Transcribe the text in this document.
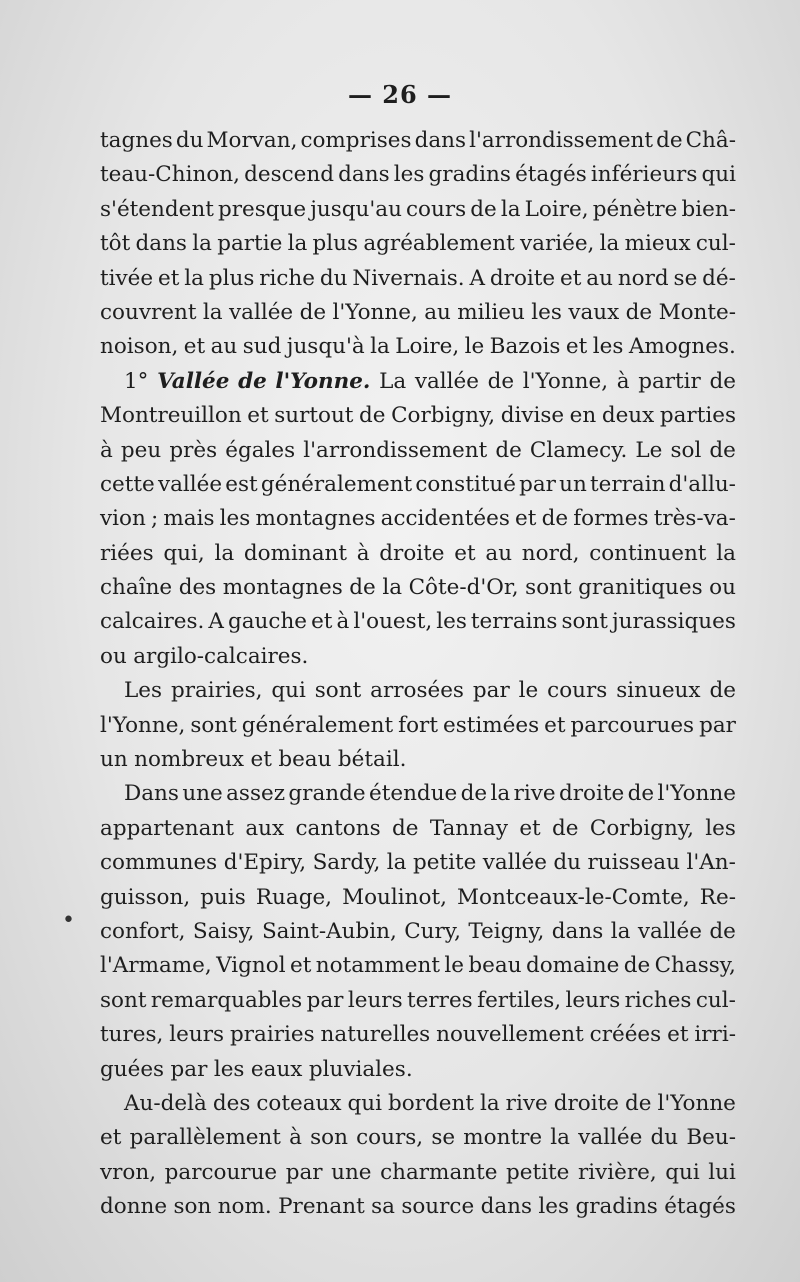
— 26 —
•
tagnes du Morvan, comprises dans l'arrondissement de Châ-
teau-Chinon, descend dans les gradins étagés inférieurs qui
s'étendent presque jusqu'au cours de la Loire, pénètre bien-
tôt dans la partie la plus agréablement variée, la mieux cul-
tivée et la plus riche du Nivernais. A droite et au nord se dé-
couvrent la vallée de l'Yonne, au milieu les vaux de Monte-
noison, et au sud jusqu'à la Loire, le Bazois et les Amognes.
1° Vallée de l'Yonne. La vallée de l'Yonne, à partir de
Montreuillon et surtout de Corbigny, divise en deux parties
à peu près égales l'arrondissement de Clamecy. Le sol de
cette vallée est généralement constitué par un terrain d'allu-
vion ; mais les montagnes accidentées et de formes très-va-
riées qui, la dominant à droite et au nord, continuent la
chaîne des montagnes de la Côte-d'Or, sont granitiques ou
calcaires. A gauche et à l'ouest, les terrains sont jurassiques
ou argilo-calcaires.
Les prairies, qui sont arrosées par le cours sinueux de
l'Yonne, sont généralement fort estimées et parcourues par
un nombreux et beau bétail.
Dans une assez grande étendue de la rive droite de l'Yonne
appartenant aux cantons de Tannay et de Corbigny, les
communes d'Epiry, Sardy, la petite vallée du ruisseau l'An-
guisson, puis Ruage, Moulinot, Montceaux-le-Comte, Re-
confort, Saisy, Saint-Aubin, Cury, Teigny, dans la vallée de
l'Armame, Vignol et notamment le beau domaine de Chassy,
sont remarquables par leurs terres fertiles, leurs riches cul-
tures, leurs prairies naturelles nouvellement créées et irri-
guées par les eaux pluviales.
Au-delà des coteaux qui bordent la rive droite de l'Yonne
et parallèlement à son cours, se montre la vallée du Beu-
vron, parcourue par une charmante petite rivière, qui lui
donne son nom. Prenant sa source dans les gradins étagés
